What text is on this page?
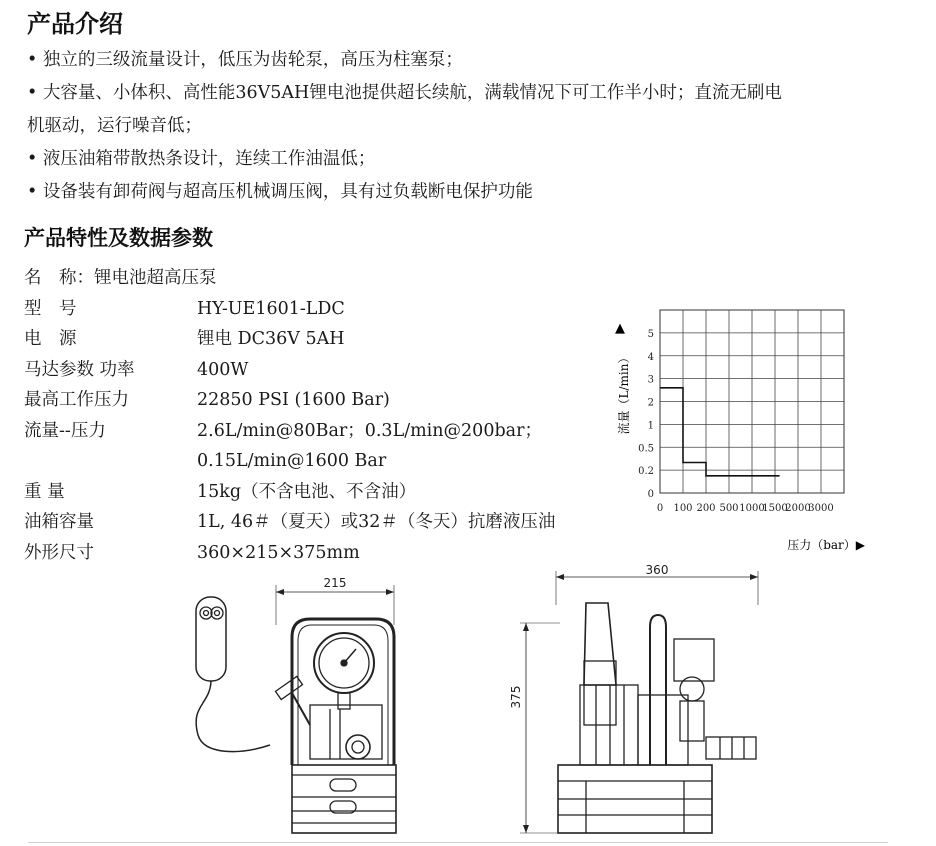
产品介绍
• 独立的三级流量设计，低压为齿轮泵，高压为柱塞泵；
• 大容量、小体积、高性能36V5AH锂电池提供超长续航，满载情况下可工作半小时；直流无刷电
机驱动，运行噪音低；
• 液压油箱带散热条设计，连续工作油温低；
• 设备装有卸荷阀与超高压机械调压阀，具有过负载断电保护功能
产品特性及数据参数
名　称：锂电池超高压泵
型　号	HY-UE1601-LDC
电　源	锂电 DC36V 5AH
马达参数 功率	400W
最高工作压力	22850 PSI (1600 Bar)
流量--压力	2.6L/min@80Bar；0.3L/min@200bar；
0.15L/min@1600 Bar
重 量	15kg（不含电池、不含油）
油箱容量	1L, 46＃（夏天）或32＃（冬天）抗磨液压油
外形尺寸	360×215×375mm
0
0.2
0.5
1
2
3
4
5
0 100 200 500 1000
1500
2000
3000
▲
流量（L/min）
压力（bar）▶
215
360
375
